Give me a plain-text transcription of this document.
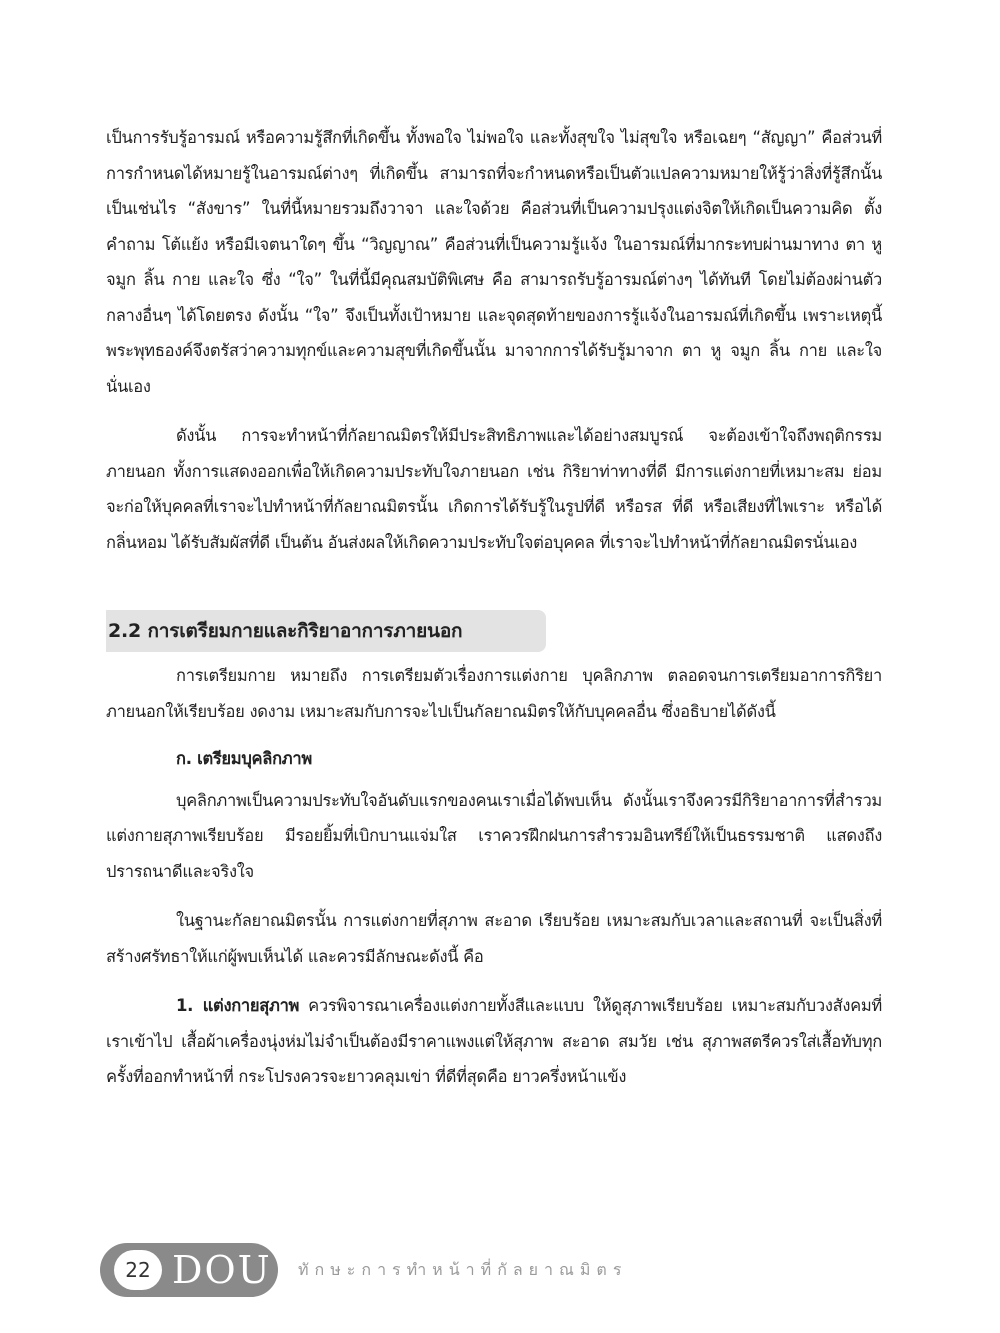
เป็นการรับรู้อารมณ์ หรือความรู้สึกที่เกิดขึ้น ทั้งพอใจ ไม่พอใจ และทั้งสุขใจ ไม่สุขใจ หรือเฉยๆ “สัญญา” คือส่วนที่การกำหนดได้หมายรู้ในอารมณ์ต่างๆ ที่เกิดขึ้น สามารถที่จะกำหนดหรือเป็นตัวแปลความหมายให้รู้ว่าสิ่งที่รู้สึกนั้นเป็นเช่นไร “สังขาร” ในที่นี้หมายรวมถึงวาจา และใจด้วย คือส่วนที่เป็นความปรุงแต่งจิตให้เกิดเป็นความคิด ตั้งคำถาม โต้แย้ง หรือมีเจตนาใดๆ ขึ้น “วิญญาณ” คือส่วนที่เป็นความรู้แจ้ง ในอารมณ์ที่มากระทบผ่านมาทาง ตา หู จมูก ลิ้น กาย และใจ ซึ่ง “ใจ” ในที่นี้มีคุณสมบัติพิเศษ คือ สามารถรับรู้อารมณ์ต่างๆ ได้ทันที โดยไม่ต้องผ่านตัวกลางอื่นๆ ได้โดยตรง ดังนั้น “ใจ” จึงเป็นทั้งเป้าหมาย และจุดสุดท้ายของการรู้แจ้งในอารมณ์ที่เกิดขึ้น เพราะเหตุนี้ พระพุทธองค์จึงตรัสว่าความทุกข์และความสุขที่เกิดขึ้นนั้น มาจากการได้รับรู้มาจาก ตา หู จมูก ลิ้น กาย และใจ นั่นเอง

ดังนั้น การจะทำหน้าที่กัลยาณมิตรให้มีประสิทธิภาพและได้อย่างสมบูรณ์ จะต้องเข้าใจถึงพฤติกรรมภายนอก ทั้งการแสดงออกเพื่อให้เกิดความประทับใจภายนอก เช่น กิริยาท่าทางที่ดี มีการแต่งกายที่เหมาะสม ย่อมจะก่อให้บุคคลที่เราจะไปทำหน้าที่กัลยาณมิตรนั้น เกิดการได้รับรู้ในรูปที่ดี หรือรส ที่ดี หรือเสียงที่ไพเราะ หรือได้กลิ่นหอม ได้รับสัมผัสที่ดี เป็นต้น อันส่งผลให้เกิดความประทับใจต่อบุคคล ที่เราจะไปทำหน้าที่กัลยาณมิตรนั่นเอง

2.2 การเตรียมกายและกิริยาอาการภายนอก

การเตรียมกาย หมายถึง การเตรียมตัวเรื่องการแต่งกาย บุคลิกภาพ ตลอดจนการเตรียมอาการกิริยาภายนอกให้เรียบร้อย งดงาม เหมาะสมกับการจะไปเป็นกัลยาณมิตรให้กับบุคคลอื่น ซึ่งอธิบายได้ดังนี้

ก. เตรียมบุคลิกภาพ

บุคลิกภาพเป็นความประทับใจอันดับแรกของคนเราเมื่อได้พบเห็น ดังนั้นเราจึงควรมีกิริยาอาการที่สำรวม แต่งกายสุภาพเรียบร้อย มีรอยยิ้มที่เบิกบานแจ่มใส เราควรฝึกฝนการสำรวมอินทรีย์ให้เป็นธรรมชาติ แสดงถึงปรารถนาดีและจริงใจ

ในฐานะกัลยาณมิตรนั้น การแต่งกายที่สุภาพ สะอาด เรียบร้อย เหมาะสมกับเวลาและสถานที่ จะเป็นสิ่งที่สร้างศรัทธาให้แก่ผู้พบเห็นได้ และควรมีลักษณะดังนี้ คือ

1. แต่งกายสุภาพ ควรพิจารณาเครื่องแต่งกายทั้งสีและแบบ ให้ดูสุภาพเรียบร้อย เหมาะสมกับวงสังคมที่เราเข้าไป เสื้อผ้าเครื่องนุ่งห่มไม่จำเป็นต้องมีราคาแพงแต่ให้สุภาพ สะอาด สมวัย เช่น สุภาพสตรีควรใส่เสื้อทับทุกครั้งที่ออกทำหน้าที่ กระโปรงควรจะยาวคลุมเข่า ที่ดีที่สุดคือ ยาวครึ่งหน้าแข้ง

22 DOU ทักษะการทำหน้าที่กัลยาณมิตร
